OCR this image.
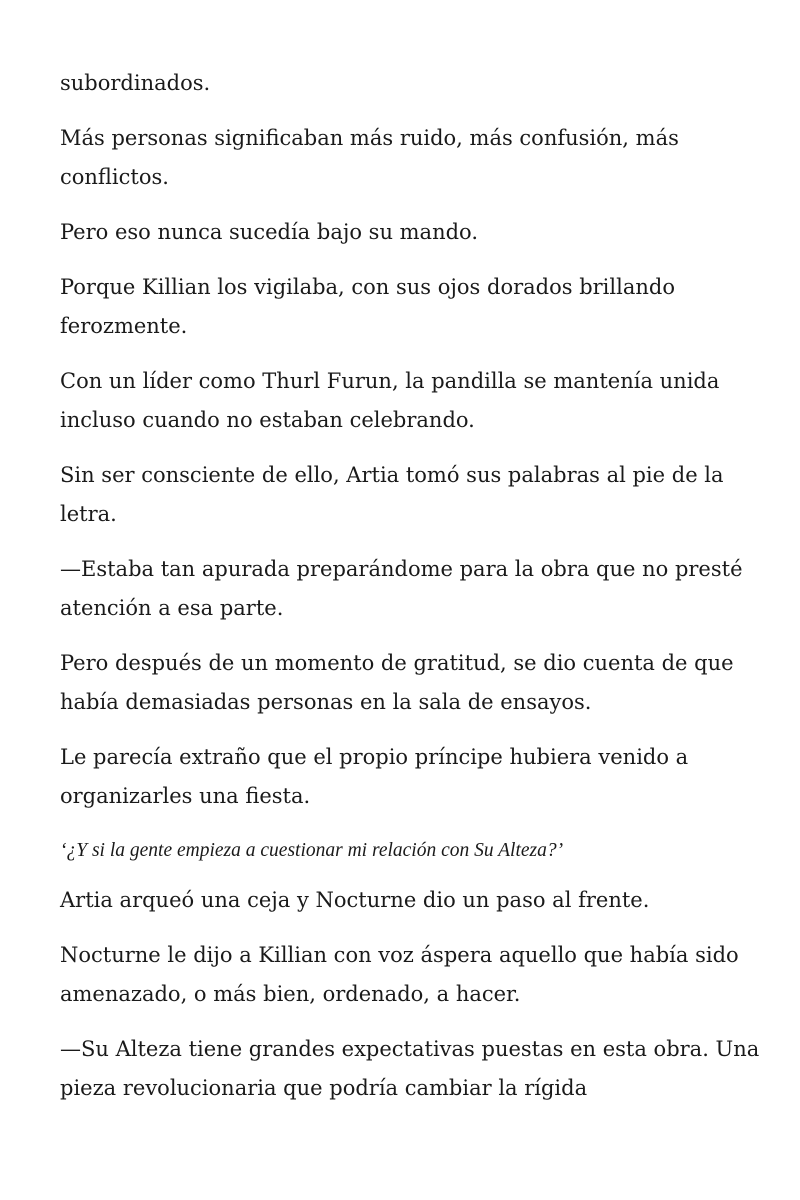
subordinados.

Más personas significaban más ruido, más confusión, más conflictos.

Pero eso nunca sucedía bajo su mando.

Porque Killian los vigilaba, con sus ojos dorados brillando ferozmente.

Con un líder como Thurl Furun, la pandilla se mantenía unida incluso cuando no estaban celebrando.

Sin ser consciente de ello, Artia tomó sus palabras al pie de la letra.

—Estaba tan apurada preparándome para la obra que no presté atención a esa parte.

Pero después de un momento de gratitud, se dio cuenta de que había demasiadas personas en la sala de ensayos.

Le parecía extraño que el propio príncipe hubiera venido a organizarles una fiesta.

‘¿Y si la gente empieza a cuestionar mi relación con Su Alteza?’

Artia arqueó una ceja y Nocturne dio un paso al frente.

Nocturne le dijo a Killian con voz áspera aquello que había sido amenazado, o más bien, ordenado, a hacer.

—Su Alteza tiene grandes expectativas puestas en esta obra. Una pieza revolucionaria que podría cambiar la rígida
